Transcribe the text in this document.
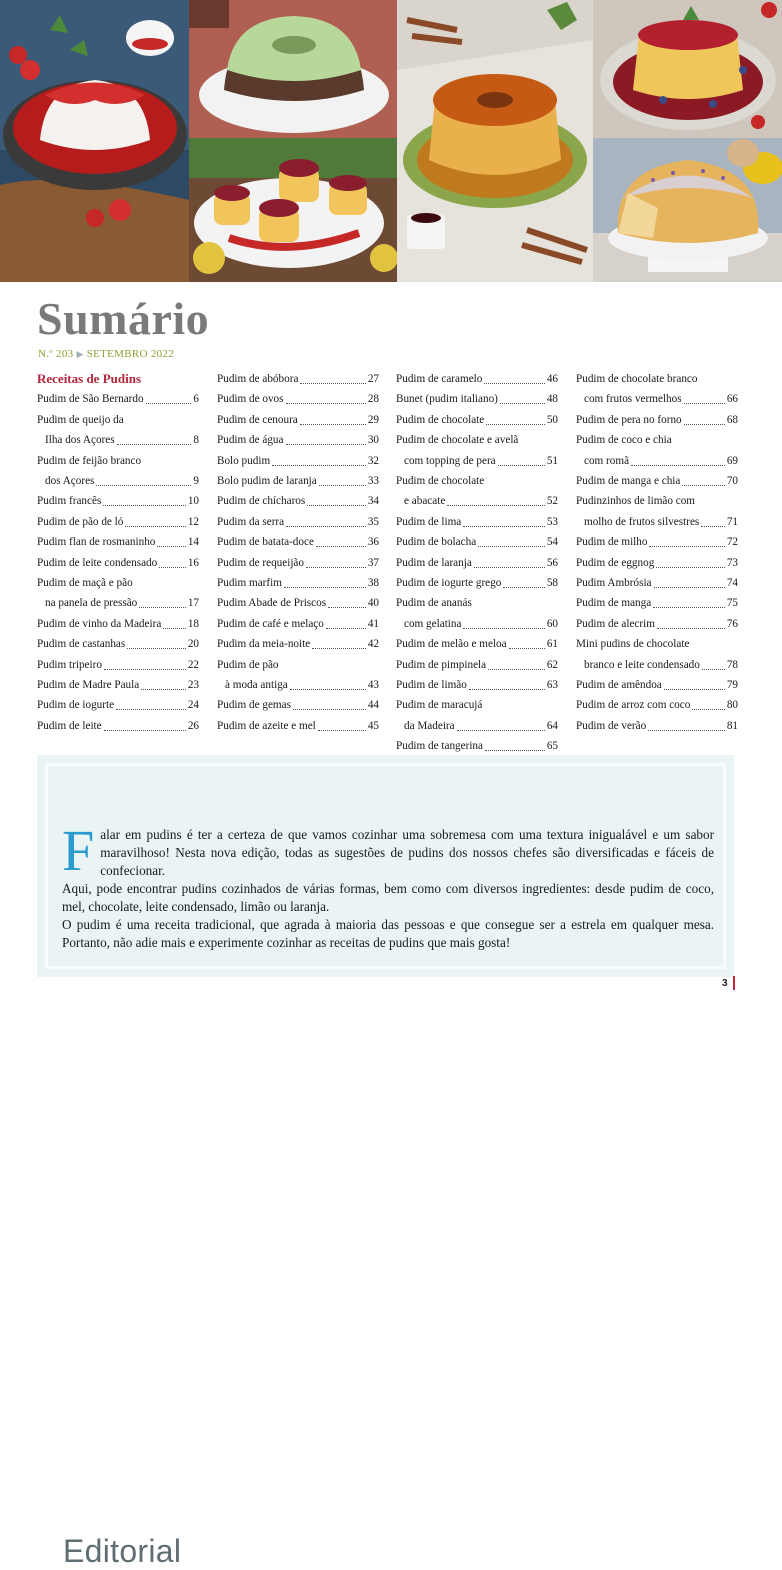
Sumário
N.º 203 ▶ SETEMBRO 2022
Receitas de Pudins
Pudim de São Bernardo	6
Pudim de queijo da
Ilha dos Açores	8
Pudim de feijão branco
dos Açores	9
Pudim francês	10
Pudim de pão de ló	12
Pudim flan de rosmaninho	14
Pudim de leite condensado	16
Pudim de maçã e pão
na panela de pressão	17
Pudim de vinho da Madeira 18
Pudim de castanhas	20
Pudim tripeiro	22
Pudim de Madre Paula	23
Pudim de iogurte	24
Pudim de leite	26
Pudim de abóbora	27
Pudim de ovos	28
Pudim de cenoura	29
Pudim de água	30
Bolo pudim	32
Bolo pudim de laranja	33
Pudim de chícharos	34
Pudim da serra	35
Pudim de batata-doce	36
Pudim de requeijão	37
Pudim marfim	38
Pudim Abade de Priscos	40
Pudim de café e melaço	41
Pudim da meia-noite	42
Pudim de pão
à moda antiga	43
Pudim de gemas	44
Pudim de azeite e mel	45
Pudim de caramelo	46
Bunet (pudim italiano)	48
Pudim de chocolate	50
Pudim de chocolate e avelã
com topping de pera	51
Pudim de chocolate
e abacate	52
Pudim de lima	53
Pudim de bolacha	54
Pudim de laranja	56
Pudim de iogurte grego	58
Pudim de ananás
com gelatina	60
Pudim de melão e meloa	61
Pudim de pimpinela	62
Pudim de limão	63
Pudim de maracujá
da Madeira	64
Pudim de tangerina	65
Pudim de chocolate branco
com frutos vermelhos	66
Pudim de pera no forno	68
Pudim de coco e chia
com romã	69
Pudim de manga e chia	70
Pudinzinhos de limão com
molho de frutos silvestres 71
Pudim de milho	72
Pudim de eggnog	73
Pudim Ambrósia	74
Pudim de manga	75
Pudim de alecrim	76
Mini pudins de chocolate
branco e leite condensado 78
Pudim de amêndoa	79
Pudim de arroz com coco	80
Pudim de verão	81
Editorial

Falar em pudins é ter a certeza de que vamos cozinhar uma sobremesa com uma textura inigualável e um sabor maravilhoso! Nesta nova edição, todas as sugestões de pudins dos nossos chefes são diversificadas e fáceis de confecionar.

Aqui, pode encontrar pudins cozinhados de várias formas, bem como com diversos ingredientes: desde pudim de coco, mel, chocolate, leite condensado, limão ou laranja.

O pudim é uma receita tradicional, que agrada à maioria das pessoas e que consegue ser a estrela em qualquer mesa. Portanto, não adie mais e experimente cozinhar as receitas de pudins que mais gosta!

3
